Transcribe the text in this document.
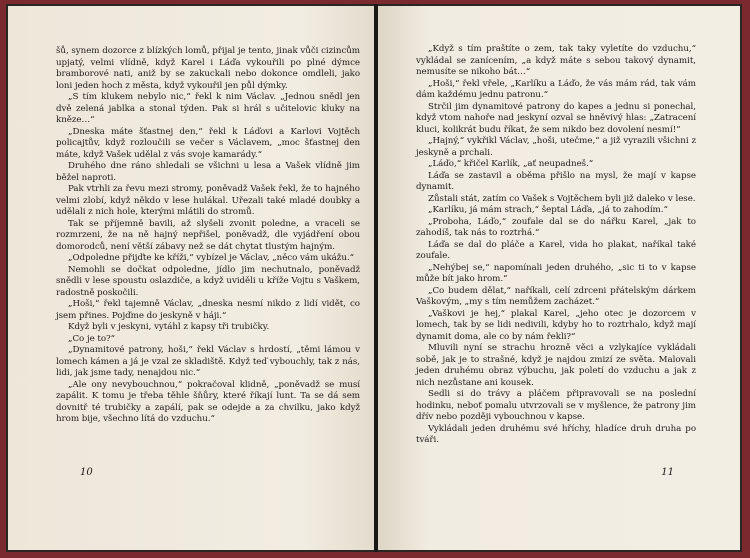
šů, synem dozorce z blízkých lomů, přijal je tento, jinak vůči cizincům upjatý, velmi vlídně, když Karel i Láďa vykouřili po plné dýmce bramborové nati, aniž by se zakuckali nebo dokonce omdleli, jako loni jeden hoch z města, když vykouřil jen půl dýmky.

„S tím klukem nebylo nic,“ řekl k nim Václav. „Jednou snědl jen dvě zelená jablka a stonal týden. Pak si hrál s učitelovic kluky na kněze…“

„Dneska máte šťastnej den,“ řekl k Láďovi a Karlovi Vojtěch policajtův, když rozloučili se večer s Václavem, „moc šťastnej den máte, když Vašek udělal z vás svoje kamarády.“

Druhého dne ráno shledali se všichni u lesa a Vašek vlídně jim běžel naproti.

Pak vtrhli za řevu mezi stromy, poněvadž Vašek řekl, že to hajného velmi zlobí, když někdo v lese hulákal. Uřezali také mladé doubky a udělali z nich hole, kterými mlátili do stromů.

Tak se příjemně bavili, až slyšeli zvonit poledne, a vraceli se rozmrzeni, že na ně hajný nepřišel, poněvadž, dle vyjádření obou domorodců, není větší zábavy než se dát chytat tlustým hajným.

„Odpoledne přijďte ke kříži,“ vybízel je Václav, „něco vám ukážu.“

Nemohli se dočkat odpoledne, jídlo jim nechutnalo, poněvadž snědli v lese spoustu oslazdiče, a když uviděli u kříže Vojtu s Vaškem, radostně poskočili.

„Hoši,“ řekl tajemně Václav, „dneska nesmí nikdo z lidí vidět, co jsem přines. Pojďme do jeskyně v háji.“

Když byli v jeskyni, vytáhl z kapsy tři trubičky.

„Co je to?“

„Dynamitové patrony, hoši,“ řekl Václav s hrdostí, „těmi lámou v lomech kámen a já je vzal ze skladiště. Když teď vybouchly, tak z nás, lidi, jak jsme tady, nenajdou nic.“

„Ale ony nevybouchnou,“ pokračoval klidně, „poněvadž se musí zapálit. K tomu je třeba těhle šňůry, které říkají lunt. Ta se dá sem dovnitř té trubičky a zapálí, pak se odejde a za chvilku, jako když hrom bije, všechno lítá do vzduchu.“

10

„Když s tím praštíte o zem, tak taky vyletíte do vzduchu,“ vykládal se zanícením, „a když máte s sebou takový dynamit, nemusíte se nikoho bát…“

„Hoši,“ řekl vřele, „Karlíku a Láďo, že vás mám rád, tak vám dám každému jednu patronu.“

Strčil jim dynamitové patrony do kapes a jednu si ponechal, když vtom nahoře nad jeskyní ozval se hněvivý hlas: „Zatracení kluci, kolikrát budu říkat, že sem nikdo bez dovolení nesmí!“

„Hajný,“ vykřikl Václav, „hoši, utečme,“ a již vyrazili všichni z jeskyně a prchali.

„Láďo,“ křičel Karlík, „ať neupadneš.“

Láďa se zastavil a oběma přišlo na mysl, že mají v kapse dynamit.

Zůstali stát, zatím co Vašek s Vojtěchem byli již daleko v lese.

„Karlíku, já mám strach,“ šeptal Láďa, „já to zahodím.“

„Proboha, Láďo,“ zoufale dal se do nářku Karel, „jak to zahodíš, tak nás to roztrhá.“

Láďa se dal do pláče a Karel, vida ho plakat, naříkal také zoufale.

„Nehýbej se,“ napomínali jeden druhého, „sic ti to v kapse může bít jako hrom.“

„Co budem dělat,“ naříkali, celí zdrceni přátelským dárkem Vaškovým, „my s tím nemůžem zacházet.“

„Vaškovi je hej,“ plakal Karel, „jeho otec je dozorcem v lomech, tak by se lidi nedivili, kdyby ho to roztrhalo, když mají dynamit doma, ale co by nám řekli?“

Mluvili nyní se strachu hrozně věci a vzlykajíce vykládali sobě, jak je to strašné, když je najdou zmizí ze světa. Malovali jeden druhému obraz výbuchu, jak poletí do vzduchu a jak z nich nezůstane ani kousek.

Sedli si do trávy a pláčem připravovali se na poslední hodinku, neboť pomalu utvrzovali se v myšlence, že patrony jim dřív nebo později vybouchnou v kapse.

Vykládali jeden druhému své hříchy, hladíce druh druha po tváři.

11
